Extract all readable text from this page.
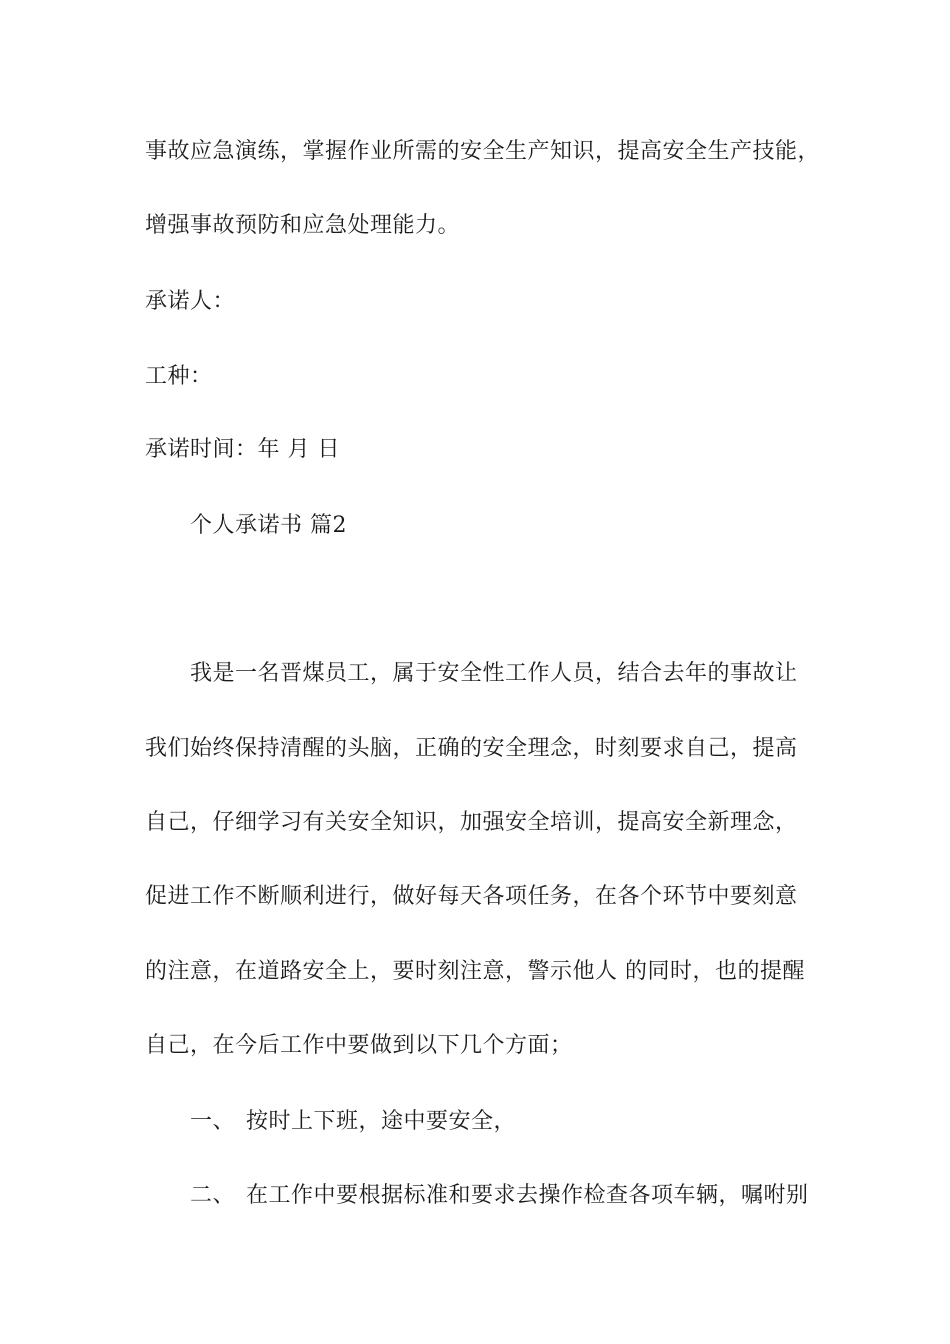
事故应急演练，掌握作业所需的安全生产知识，提高安全生产技能，
增强事故预防和应急处理能力。
承诺人：
工种：
承诺时间：年 月 日
个人承诺书 篇2
我是一名晋煤员工，属于安全性工作人员，结合去年的事故让
我们始终保持清醒的头脑，正确的安全理念，时刻要求自己，提高
自己，仔细学习有关安全知识，加强安全培训，提高安全新理念，
促进工作不断顺利进行，做好每天各项任务，在各个环节中要刻意
的注意，在道路安全上，要时刻注意，警示他人 的同时，也的提醒
自己，在今后工作中要做到以下几个方面；
一、 按时上下班，途中要安全，
二、 在工作中要根据标准和要求去操作检查各项车辆，嘱咐别
